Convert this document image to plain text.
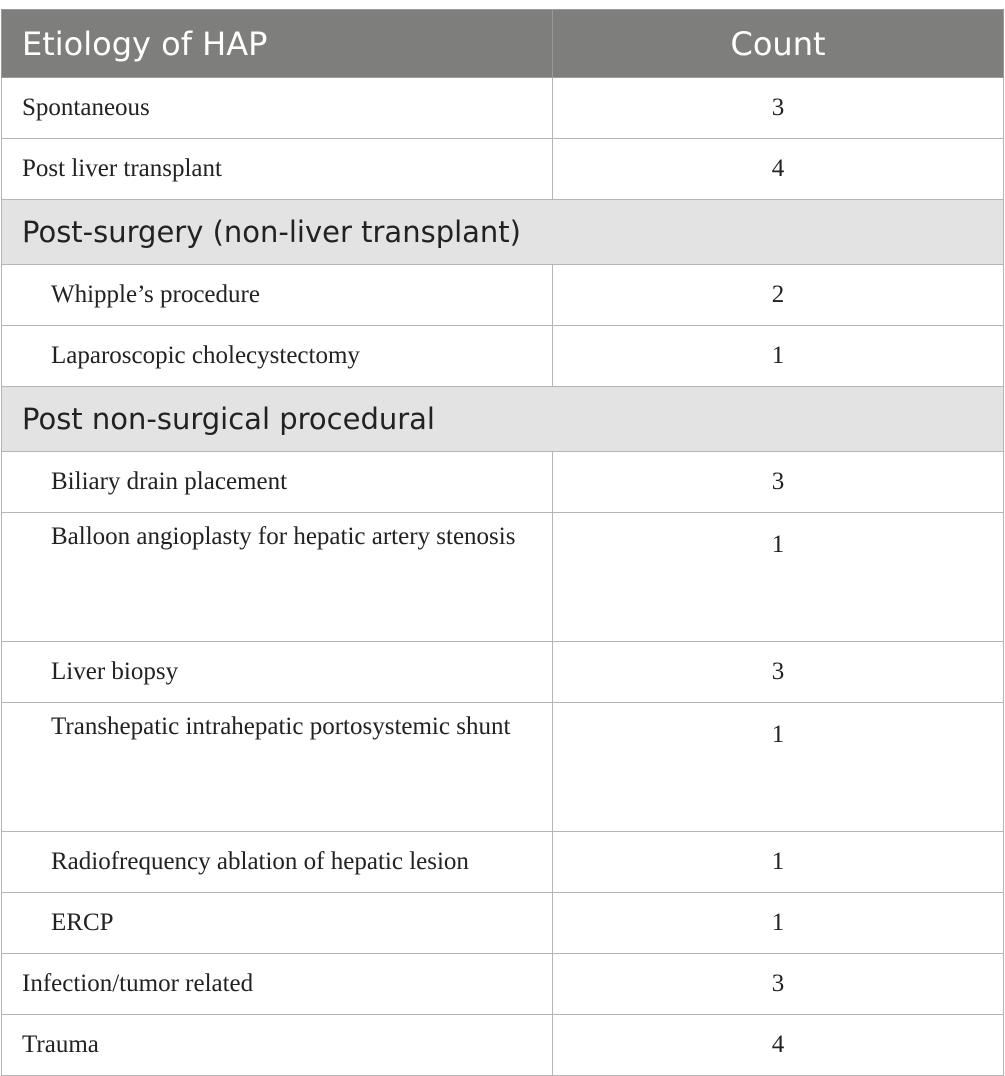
Etiology of HAP	Count
Spontaneous	3
Post liver transplant	4
Post-surgery (non-liver transplant)	
Whipple’s procedure	2
Laparoscopic cholecystectomy	1
Post non-surgical procedural	
Biliary drain placement	3

Balloon angioplasty for hepatic artery stenosis	1
Liver biopsy	3

Transhepatic intrahepatic portosystemic shunt	1
Radiofrequency ablation of hepatic lesion	1
ERCP	1
Infection/tumor related	3
Trauma	4
